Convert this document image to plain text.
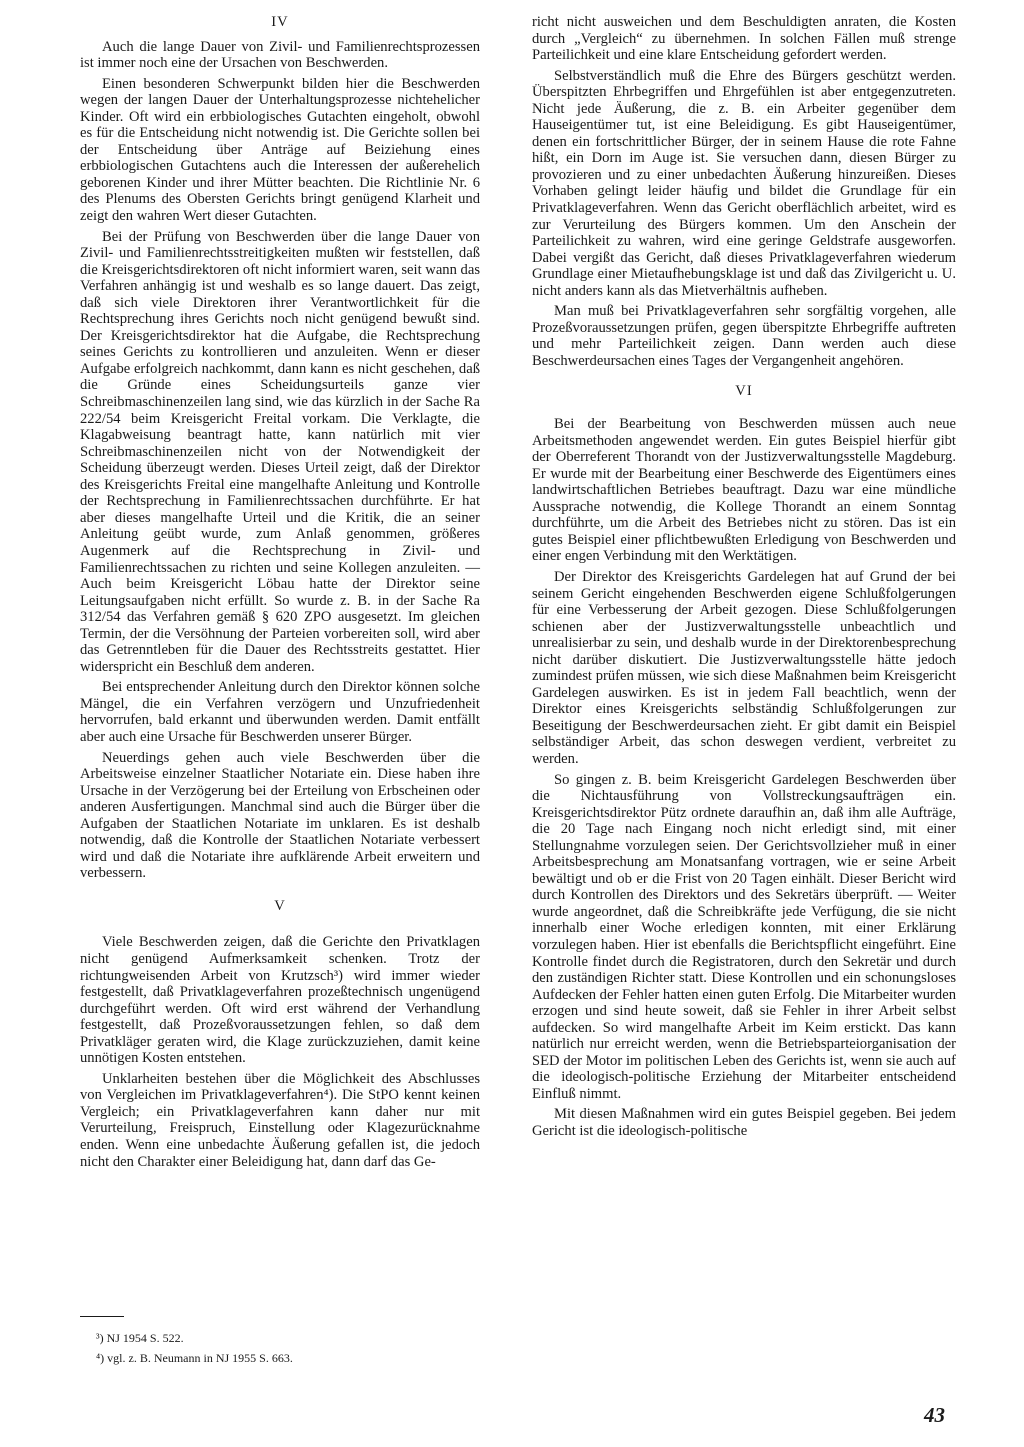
IV

Auch die lange Dauer von Zivil- und Familienrechtsprozessen ist immer noch eine der Ursachen von Beschwerden.

Einen besonderen Schwerpunkt bilden hier die Beschwerden wegen der langen Dauer der Unterhaltungsprozesse nichtehelicher Kinder. Oft wird ein erbbiologisches Gutachten eingeholt, obwohl es für die Entscheidung nicht notwendig ist. Die Gerichte sollen bei der Entscheidung über Anträge auf Beiziehung eines erbbiologischen Gutachtens auch die Interessen der außerehelich geborenen Kinder und ihrer Mütter beachten. Die Richtlinie Nr. 6 des Plenums des Obersten Gerichts bringt genügend Klarheit und zeigt den wahren Wert dieser Gutachten.

Bei der Prüfung von Beschwerden über die lange Dauer von Zivil- und Familienrechtsstreitigkeiten mußten wir feststellen, daß die Kreisgerichtsdirektoren oft nicht informiert waren, seit wann das Verfahren anhängig ist und weshalb es so lange dauert. Das zeigt, daß sich viele Direktoren ihrer Verantwortlichkeit für die Rechtsprechung ihres Gerichts noch nicht genügend bewußt sind. Der Kreisgerichtsdirektor hat die Aufgabe, die Rechtsprechung seines Gerichts zu kontrollieren und anzuleiten. Wenn er dieser Aufgabe erfolgreich nachkommt, dann kann es nicht geschehen, daß die Gründe eines Scheidungsurteils ganze vier Schreibmaschinenzeilen lang sind, wie das kürzlich in der Sache Ra 222/54 beim Kreisgericht Freital vorkam. Die Verklagte, die Klagabweisung beantragt hatte, kann natürlich mit vier Schreibmaschinenzeilen nicht von der Notwendigkeit der Scheidung überzeugt werden. Dieses Urteil zeigt, daß der Direktor des Kreisgerichts Freital eine mangelhafte Anleitung und Kontrolle der Rechtsprechung in Familienrechtssachen durchführte. Er hat aber dieses mangelhafte Urteil und die Kritik, die an seiner Anleitung geübt wurde, zum Anlaß genommen, größeres Augenmerk auf die Rechtsprechung in Zivil- und Familienrechtssachen zu richten und seine Kollegen anzuleiten. — Auch beim Kreisgericht Löbau hatte der Direktor seine Leitungsaufgaben nicht erfüllt. So wurde z. B. in der Sache Ra 312/54 das Verfahren gemäß § 620 ZPO ausgesetzt. Im gleichen Termin, der die Versöhnung der Parteien vorbereiten soll, wird aber das Getrenntleben für die Dauer des Rechtsstreits gestattet. Hier widerspricht ein Beschluß dem anderen.

Bei entsprechender Anleitung durch den Direktor können solche Mängel, die ein Verfahren verzögern und Unzufriedenheit hervorrufen, bald erkannt und überwunden werden. Damit entfällt aber auch eine Ursache für Beschwerden unserer Bürger.

Neuerdings gehen auch viele Beschwerden über die Arbeitsweise einzelner Staatlicher Notariate ein. Diese haben ihre Ursache in der Verzögerung bei der Erteilung von Erbscheinen oder anderen Ausfertigungen. Manchmal sind auch die Bürger über die Aufgaben der Staatlichen Notariate im unklaren. Es ist deshalb notwendig, daß die Kontrolle der Staatlichen Notariate verbessert wird und daß die Notariate ihre aufklärende Arbeit erweitern und verbessern.

V

Viele Beschwerden zeigen, daß die Gerichte den Privatklagen nicht genügend Aufmerksamkeit schenken. Trotz der richtungweisenden Arbeit von Krutzsch³) wird immer wieder festgestellt, daß Privatklageverfahren prozeßtechnisch ungenügend durchgeführt werden. Oft wird erst während der Verhandlung festgestellt, daß Prozeßvoraussetzungen fehlen, so daß dem Privatkläger geraten wird, die Klage zurückzuziehen, damit keine unnötigen Kosten entstehen.

Unklarheiten bestehen über die Möglichkeit des Abschlusses von Vergleichen im Privatklageverfahren⁴). Die StPO kennt keinen Vergleich; ein Privatklageverfahren kann daher nur mit Verurteilung, Freispruch, Einstellung oder Klagezurücknahme enden. Wenn eine unbedachte Äußerung gefallen ist, die jedoch nicht den Charakter einer Beleidigung hat, dann darf das Ge-

³) NJ 1954 S. 522.
⁴) vgl. z. B. Neumann in NJ 1955 S. 663.

richt nicht ausweichen und dem Beschuldigten anraten, die Kosten durch „Vergleich“ zu übernehmen. In solchen Fällen muß strenge Parteilichkeit und eine klare Entscheidung gefordert werden.

Selbstverständlich muß die Ehre des Bürgers geschützt werden. Überspitzten Ehrbegriffen und Ehrgefühlen ist aber entgegenzutreten. Nicht jede Äußerung, die z. B. ein Arbeiter gegenüber dem Hauseigentümer tut, ist eine Beleidigung. Es gibt Hauseigentümer, denen ein fortschrittlicher Bürger, der in seinem Hause die rote Fahne hißt, ein Dorn im Auge ist. Sie versuchen dann, diesen Bürger zu provozieren und zu einer unbedachten Äußerung hinzureißen. Dieses Vorhaben gelingt leider häufig und bildet die Grundlage für ein Privatklageverfahren. Wenn das Gericht oberflächlich arbeitet, wird es zur Verurteilung des Bürgers kommen. Um den Anschein der Parteilichkeit zu wahren, wird eine geringe Geldstrafe ausgeworfen. Dabei vergißt das Gericht, daß dieses Privatklageverfahren wiederum Grundlage einer Mietaufhebungsklage ist und daß das Zivilgericht u. U. nicht anders kann als das Mietverhältnis aufheben.

Man muß bei Privatklageverfahren sehr sorgfältig vorgehen, alle Prozeßvoraussetzungen prüfen, gegen überspitzte Ehrbegriffe auftreten und mehr Parteilichkeit zeigen. Dann werden auch diese Beschwerdeursachen eines Tages der Vergangenheit angehören.

VI

Bei der Bearbeitung von Beschwerden müssen auch neue Arbeitsmethoden angewendet werden. Ein gutes Beispiel hierfür gibt der Oberreferent Thorandt von der Justizverwaltungsstelle Magdeburg. Er wurde mit der Bearbeitung einer Beschwerde des Eigentümers eines landwirtschaftlichen Betriebes beauftragt. Dazu war eine mündliche Aussprache notwendig, die Kollege Thorandt an einem Sonntag durchführte, um die Arbeit des Betriebes nicht zu stören. Das ist ein gutes Beispiel einer pflichtbewußten Erledigung von Beschwerden und einer engen Verbindung mit den Werktätigen.

Der Direktor des Kreisgerichts Gardelegen hat auf Grund der bei seinem Gericht eingehenden Beschwerden eigene Schlußfolgerungen für eine Verbesserung der Arbeit gezogen. Diese Schlußfolgerungen schienen aber der Justizverwaltungsstelle unbeachtlich und unrealisierbar zu sein, und deshalb wurde in der Direktorenbesprechung nicht darüber diskutiert. Die Justizverwaltungsstelle hätte jedoch zumindest prüfen müssen, wie sich diese Maßnahmen beim Kreisgericht Gardelegen auswirken. Es ist in jedem Fall beachtlich, wenn der Direktor eines Kreisgerichts selbständig Schlußfolgerungen zur Beseitigung der Beschwerdeursachen zieht. Er gibt damit ein Beispiel selbständiger Arbeit, das schon deswegen verdient, verbreitet zu werden.

So gingen z. B. beim Kreisgericht Gardelegen Beschwerden über die Nichtausführung von Vollstreckungsaufträgen ein. Kreisgerichtsdirektor Pütz ordnete daraufhin an, daß ihm alle Aufträge, die 20 Tage nach Eingang noch nicht erledigt sind, mit einer Stellungnahme vorzulegen seien. Der Gerichtsvollzieher muß in einer Arbeitsbesprechung am Monatsanfang vortragen, wie er seine Arbeit bewältigt und ob er die Frist von 20 Tagen einhält. Dieser Bericht wird durch Kontrollen des Direktors und des Sekretärs überprüft. — Weiter wurde angeordnet, daß die Schreibkräfte jede Verfügung, die sie nicht innerhalb einer Woche erledigen konnten, mit einer Erklärung vorzulegen haben. Hier ist ebenfalls die Berichtspflicht eingeführt. Eine Kontrolle findet durch die Registratoren, durch den Sekretär und durch den zuständigen Richter statt. Diese Kontrollen und ein schonungsloses Aufdecken der Fehler hatten einen guten Erfolg. Die Mitarbeiter wurden erzogen und sind heute soweit, daß sie Fehler in ihrer Arbeit selbst aufdecken. So wird mangelhafte Arbeit im Keim erstickt. Das kann natürlich nur erreicht werden, wenn die Betriebsparteiorganisation der SED der Motor im politischen Leben des Gerichts ist, wenn sie auch auf die ideologisch-politische Erziehung der Mitarbeiter entscheidend Einfluß nimmt.

Mit diesen Maßnahmen wird ein gutes Beispiel gegeben. Bei jedem Gericht ist die ideologisch-politische

43
